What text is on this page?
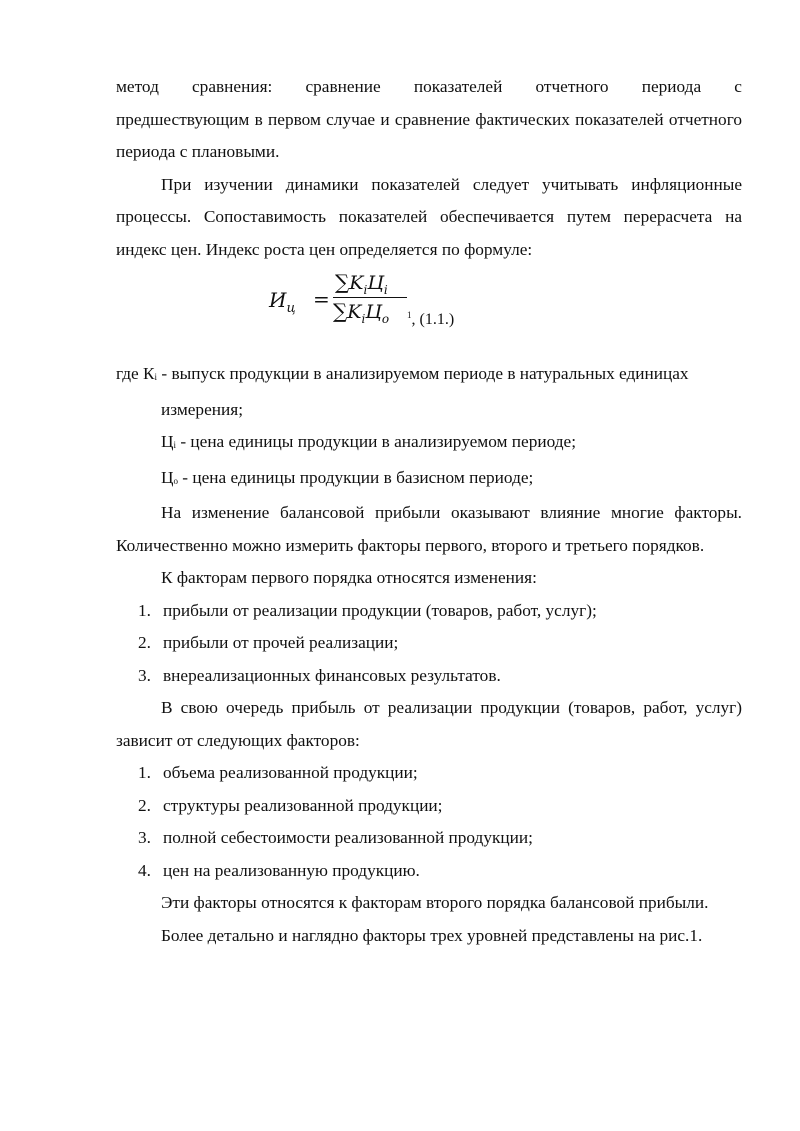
метод сравнения: сравнение показателей отчетного периода с

предшествующим в первом случае и сравнение фактических показателей отчетного периода с плановыми.

При изучении динамики показателей следует учитывать инфляционные процессы. Сопоставимость показателей обеспечивается путем перерасчета на индекс цен. Индекс роста цен определяется по формуле:

$И_ц$ =
$\sum K_iЦ_i$
$\sum K_iЦ_o$ $^1$, (1.1.)

где Кi - выпуск продукции в анализируемом периоде в натуральных единицах

измерения;

Цi - цена единицы продукции в анализируемом периоде;

Цo - цена единицы продукции в базисном периоде;

На изменение балансовой прибыли оказывают влияние многие факторы. Количественно можно измерить факторы первого, второго и третьего порядков.

К факторам первого порядка относятся изменения:

1. прибыли от реализации продукции (товаров, работ, услуг);
2. прибыли от прочей реализации;
3. внереализационных финансовых результатов.

В свою очередь прибыль от реализации продукции (товаров, работ, услуг) зависит от следующих факторов:

1. объема реализованной продукции;
2. структуры реализованной продукции;
3. полной себестоимости реализованной продукции;
4. цен на реализованную продукцию.

Эти факторы относятся к факторам второго порядка балансовой прибыли.

Более детально и наглядно факторы трех уровней представлены на рис.1.
